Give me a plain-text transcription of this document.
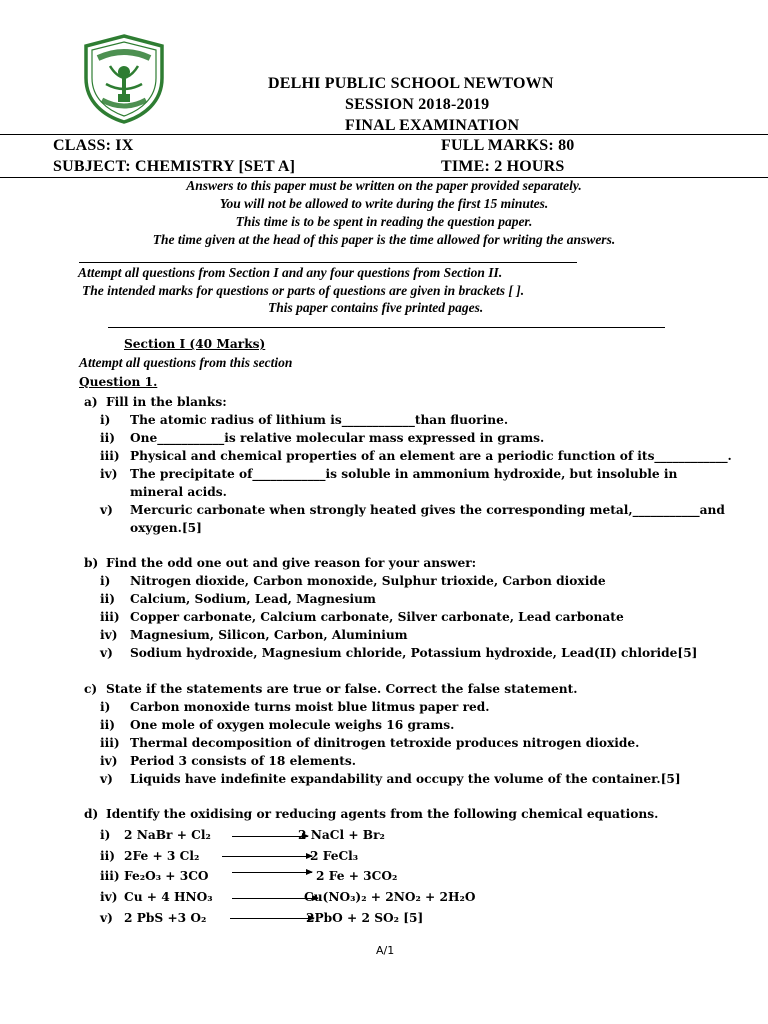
DELHI PUBLIC SCHOOL NEWTOWN
SESSION 2018-2019
FINAL EXAMINATION
CLASS: IX	FULL MARKS: 80
SUBJECT: CHEMISTRY [SET A]	TIME: 2 HOURS
Answers to this paper must be written on the paper provided separately.
You will not be allowed to write during the first 15 minutes.
This time is to be spent in reading the question paper.
The time given at the head of this paper is the time allowed for writing the answers.
Attempt all questions from Section I and any four questions from Section II.
The intended marks for questions or parts of questions are given in brackets [ ].
This paper contains five printed pages.
Section I (40 Marks)
Attempt all questions from this section
Question 1.
a) Fill in the blanks:
i) The atomic radius of lithium is____________than fluorine.
ii) One___________is relative molecular mass expressed in grams.
iii) Physical and chemical properties of an element are a periodic function of its____________.
iv) The precipitate of____________is soluble in ammonium hydroxide, but insoluble in
mineral acids.
v) Mercuric carbonate when strongly heated gives the corresponding metal,___________and
oxygen.[5]
b) Find the odd one out and give reason for your answer:
i) Nitrogen dioxide, Carbon monoxide, Sulphur trioxide, Carbon dioxide
ii) Calcium, Sodium, Lead, Magnesium
iii) Copper carbonate, Calcium carbonate, Silver carbonate, Lead carbonate
iv) Magnesium, Silicon, Carbon, Aluminium
v) Sodium hydroxide, Magnesium chloride, Potassium hydroxide, Lead(II) chloride[5]
c) State if the statements are true or false. Correct the false statement.
i) Carbon monoxide turns moist blue litmus paper red.
ii) One mole of oxygen molecule weighs 16 grams.
iii) Thermal decomposition of dinitrogen tetroxide produces nitrogen dioxide.
iv) Period 3 consists of 18 elements.
v) Liquids have indefinite expandability and occupy the volume of the container.[5]
d) Identify the oxidising or reducing agents from the following chemical equations.
i) 2 NaBr + Cl₂	2 NaCl + Br₂
ii) 2Fe + 3 Cl₂	2 FeCl₃
iii) Fe₂O₃ + 3CO	2 Fe + 3CO₂
iv) Cu + 4 HNO₃	Cu(NO₃)₂ + 2NO₂ + 2H₂O
v) 2 PbS +3 O₂	2PbO + 2 SO₂ [5]
A/1
